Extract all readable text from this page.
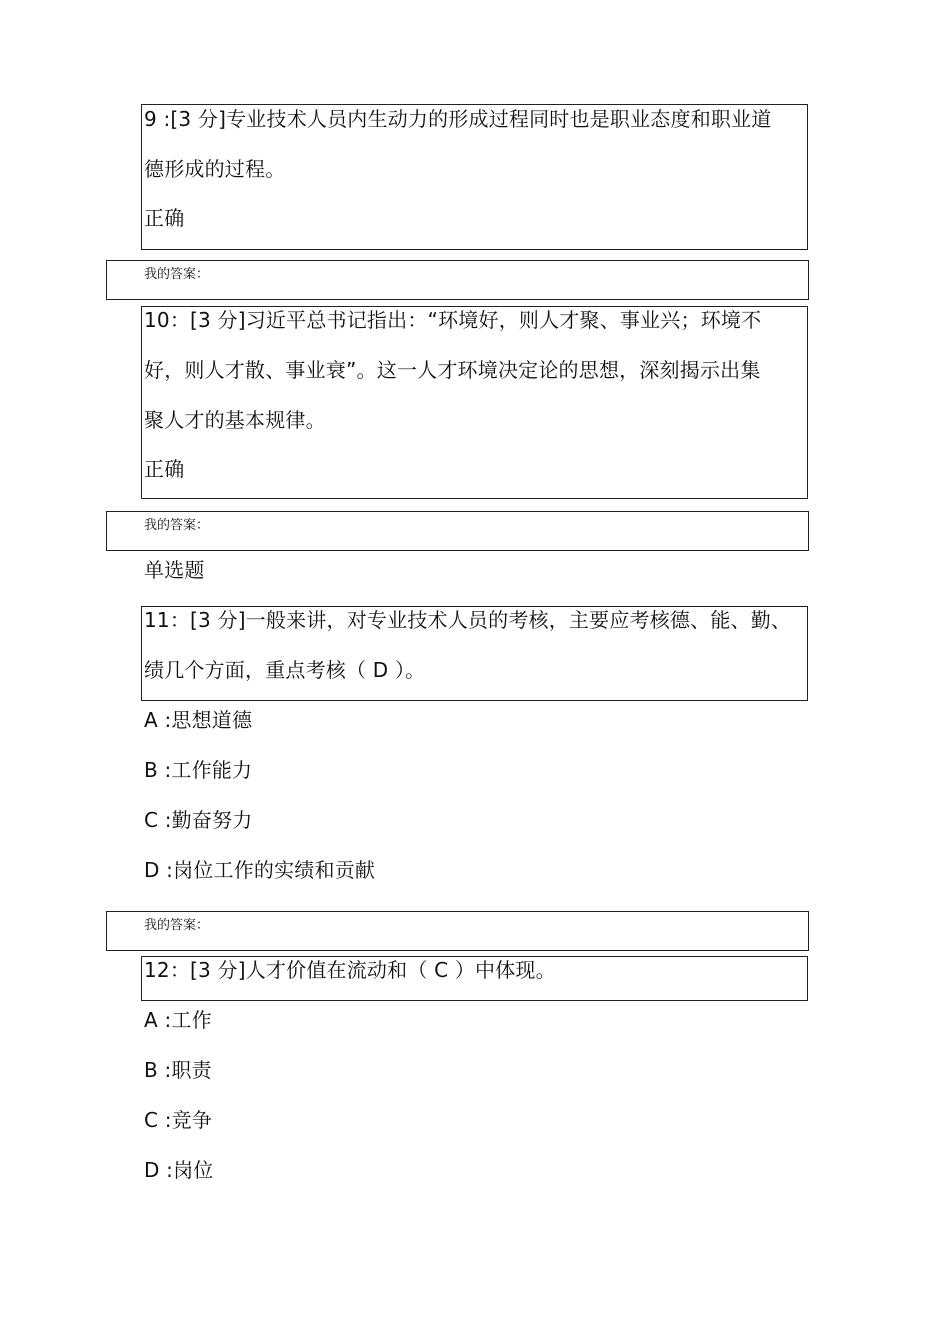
9 :[3 分]专业技术人员内生动力的形成过程同时也是职业态度和职业道
德形成的过程。
正确
我的答案：
10：[3 分]习近平总书记指出：“环境好，则人才聚、事业兴；环境不
好，则人才散、事业衰”。这一人才环境决定论的思想，深刻揭示出集
聚人才的基本规律。
正确
我的答案：
单选题
11：[3 分]一般来讲，对专业技术人员的考核，主要应考核德、能、勤、
绩几个方面，重点考核（ D ）。
A :思想道德
B :工作能力
C :勤奋努力
D :岗位工作的实绩和贡献
我的答案：
12：[3 分]人才价值在流动和（ C ）中体现。
A :工作
B :职责
C :竞争
D :岗位
